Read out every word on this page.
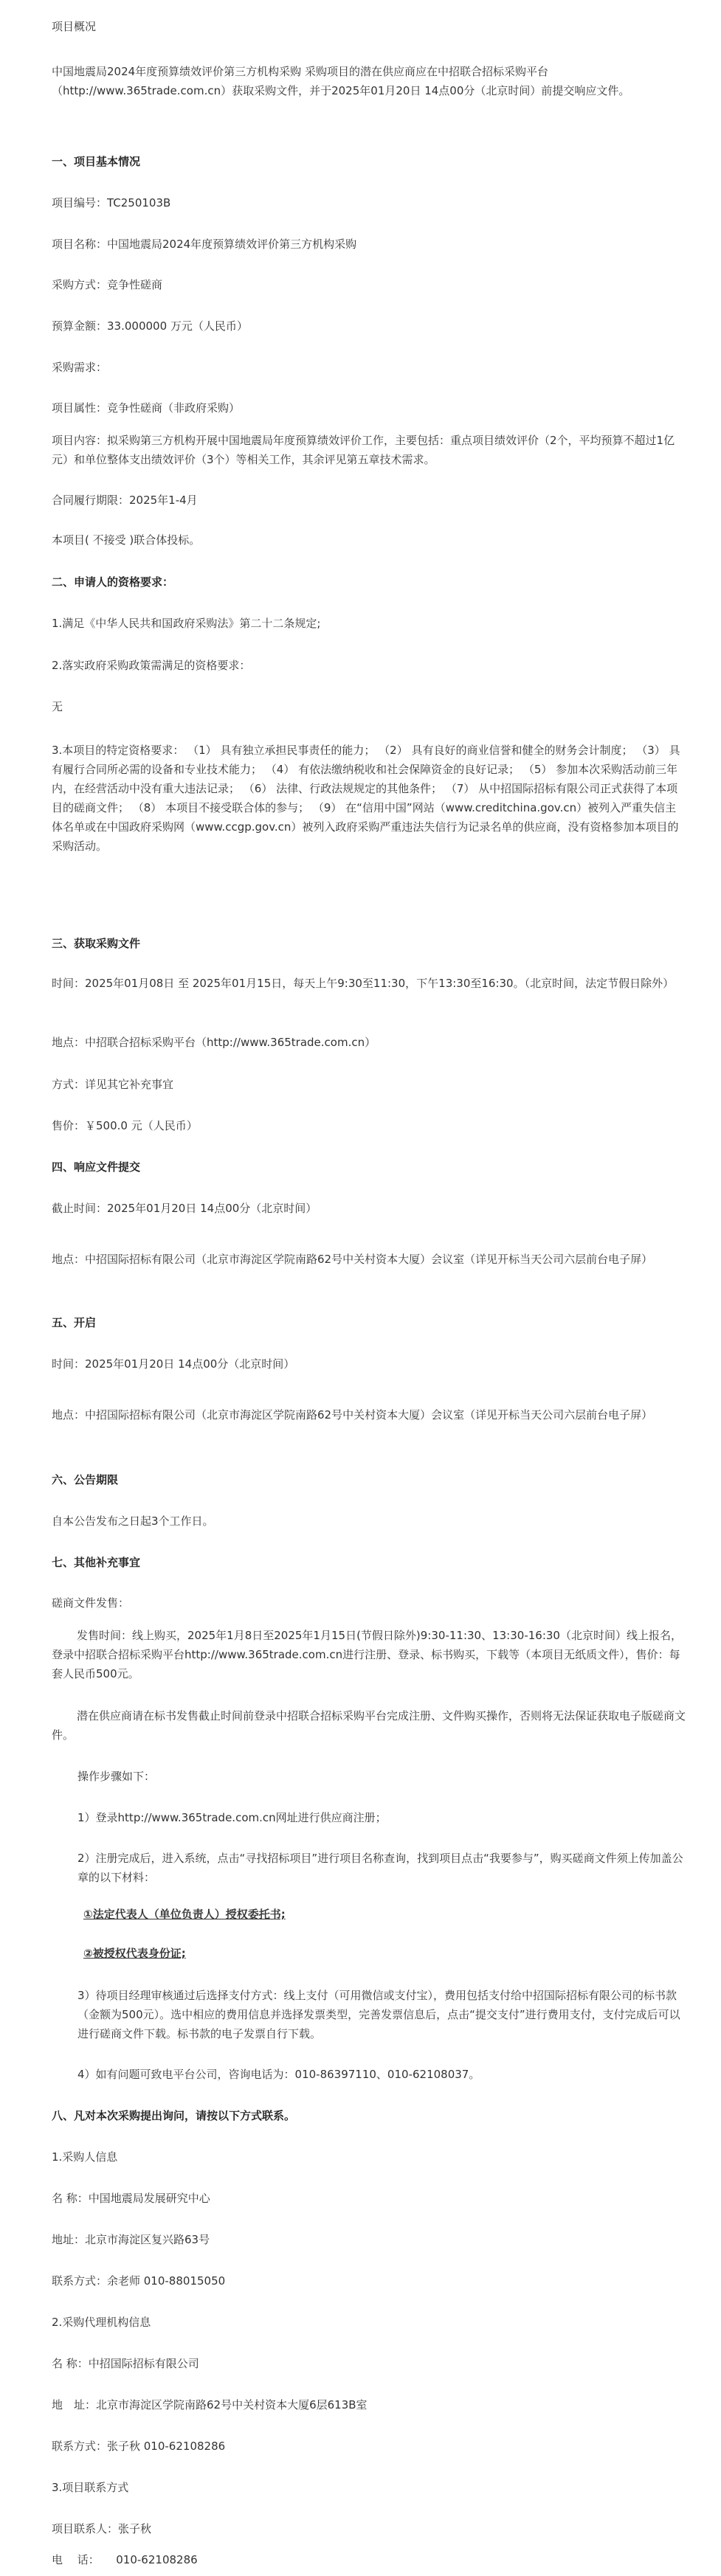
项目概况

中国地震局2024年度预算绩效评价第三方机构采购 采购项目的潜在供应商应在中招联合招标采购平台（http://www.365trade.com.cn）获取采购文件，并于2025年01月20日 14点00分（北京时间）前提交响应文件。

一、项目基本情况

项目编号：TC250103B

项目名称：中国地震局2024年度预算绩效评价第三方机构采购

采购方式：竞争性磋商

预算金额：33.000000 万元（人民币）

采购需求：

项目属性：竞争性磋商（非政府采购）

项目内容：拟采购第三方机构开展中国地震局年度预算绩效评价工作，主要包括：重点项目绩效评价（2个，平均预算不超过1亿元）和单位整体支出绩效评价（3个）等相关工作，其余评见第五章技术需求。

合同履行期限：2025年1-4月

本项目( 不接受 )联合体投标。

二、申请人的资格要求：

1.满足《中华人民共和国政府采购法》第二十二条规定;

2.落实政府采购政策需满足的资格要求：

无

3.本项目的特定资格要求： （1） 具有独立承担民事责任的能力； （2） 具有良好的商业信誉和健全的财务会计制度； （3） 具有履行合同所必需的设备和专业技术能力； （4） 有依法缴纳税收和社会保障资金的良好记录； （5） 参加本次采购活动前三年内，在经营活动中没有重大违法记录； （6） 法律、行政法规规定的其他条件； （7） 从中招国际招标有限公司正式获得了本项目的磋商文件； （8） 本项目不接受联合体的参与； （9） 在“信用中国”网站（www.creditchina.gov.cn）被列入严重失信主体名单或在中国政府采购网（www.ccgp.gov.cn）被列入政府采购严重违法失信行为记录名单的供应商，没有资格参加本项目的采购活动。

三、获取采购文件

时间：2025年01月08日 至 2025年01月15日，每天上午9:30至11:30，下午13:30至16:30。（北京时间，法定节假日除外）

地点：中招联合招标采购平台（http://www.365trade.com.cn）

方式：详见其它补充事宜

售价：￥500.0 元（人民币）

四、响应文件提交

截止时间：2025年01月20日 14点00分（北京时间）

地点：中招国际招标有限公司（北京市海淀区学院南路62号中关村资本大厦）会议室（详见开标当天公司六层前台电子屏）

五、开启

时间：2025年01月20日 14点00分（北京时间）

地点：中招国际招标有限公司（北京市海淀区学院南路62号中关村资本大厦）会议室（详见开标当天公司六层前台电子屏）

六、公告期限

自本公告发布之日起3个工作日。

七、其他补充事宜

磋商文件发售：

发售时间：线上购买，2025年1月8日至2025年1月15日(节假日除外)9:30-11:30、13:30-16:30（北京时间）线上报名，登录中招联合招标采购平台http://www.365trade.com.cn进行注册、登录、标书购买，下载等（本项目无纸质文件），售价：每套人民币500元。

潜在供应商请在标书发售截止时间前登录中招联合招标采购平台完成注册、文件购买操作，否则将无法保证获取电子版磋商文件。

操作步骤如下：

1）登录http://www.365trade.com.cn网址进行供应商注册；

2）注册完成后，进入系统，点击“寻找招标项目”进行项目名称查询，找到项目点击“我要参与”，购买磋商文件须上传加盖公章的以下材料：

①法定代表人（单位负责人）授权委托书;

②被授权代表身份证;

3）待项目经理审核通过后选择支付方式：线上支付（可用微信或支付宝），费用包括支付给中招国际招标有限公司的标书款（金额为500元）。选中相应的费用信息并选择发票类型，完善发票信息后，点击“提交支付”进行费用支付，支付完成后可以进行磋商文件下载。标书款的电子发票自行下载。

4）如有问题可致电平台公司，咨询电话为：010-86397110、010-62108037。

八、凡对本次采购提出询问，请按以下方式联系。

1.采购人信息

名 称：中国地震局发展研究中心

地址：北京市海淀区复兴路63号

联系方式：余老师 010-88015050

2.采购代理机构信息

名 称：中招国际招标有限公司

地　址：北京市海淀区学院南路62号中关村资本大厦6层613B室

联系方式：张子秋 010-62108286

3.项目联系方式

项目联系人：张子秋

电　 话：　　010-62108286
